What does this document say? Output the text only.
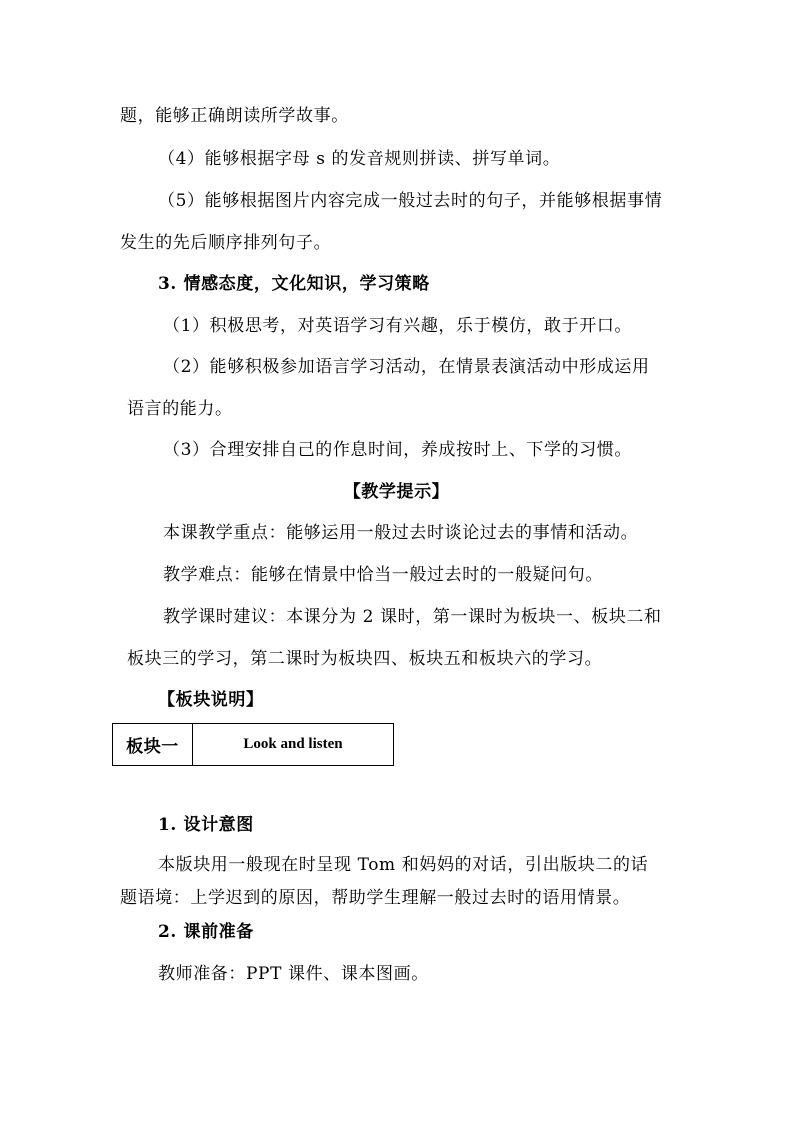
题，能够正确朗读所学故事。
（4）能够根据字母 s 的发音规则拼读、拼写单词。
（5）能够根据图片内容完成一般过去时的句子，并能够根据事情
发生的先后顺序排列句子。
3. 情感态度，文化知识，学习策略
（1）积极思考，对英语学习有兴趣，乐于模仿，敢于开口。
（2）能够积极参加语言学习活动，在情景表演活动中形成运用
语言的能力。
（3）合理安排自己的作息时间，养成按时上、下学的习惯。
【教学提示】
本课教学重点：能够运用一般过去时谈论过去的事情和活动。
教学难点：能够在情景中恰当一般过去时的一般疑问句。
教学课时建议：本课分为 2 课时，第一课时为板块一、板块二和
板块三的学习，第二课时为板块四、板块五和板块六的学习。
【板块说明】
板块一	Look and listen
1. 设计意图
本版块用一般现在时呈现 Tom 和妈妈的对话，引出版块二的话
题语境：上学迟到的原因，帮助学生理解一般过去时的语用情景。
2. 课前准备
教师准备：PPT 课件、课本图画。
